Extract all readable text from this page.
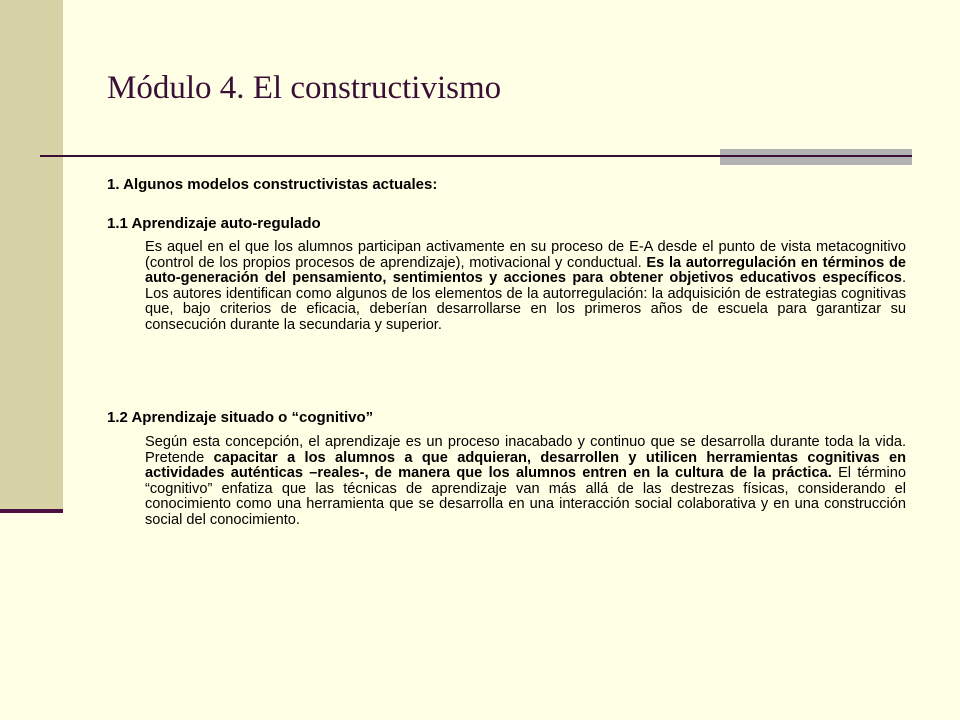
Módulo 4. El constructivismo

1. Algunos modelos constructivistas actuales:

1.1 Aprendizaje auto-regulado

Es aquel en el que los alumnos participan activamente en su proceso de E-A desde el punto de vista metacognitivo (control de los propios procesos de aprendizaje), motivacional y conductual. Es la autorregulación en términos de auto-generación del pensamiento, sentimientos y acciones para obtener objetivos educativos específicos. Los autores identifican como algunos de los elementos de la autorregulación: la adquisición de estrategias cognitivas que, bajo criterios de eficacia, deberían desarrollarse en los primeros años de escuela para garantizar su consecución durante la secundaria y superior.

1.2 Aprendizaje situado o “cognitivo”

Según esta concepción, el aprendizaje es un proceso inacabado y continuo que se desarrolla durante toda la vida. Pretende capacitar a los alumnos a que adquieran, desarrollen y utilicen herramientas cognitivas en actividades auténticas –reales-, de manera que los alumnos entren en la cultura de la práctica. El término “cognitivo” enfatiza que las técnicas de aprendizaje van más allá de las destrezas físicas, considerando el conocimiento como una herramienta que se desarrolla en una interacción social colaborativa y en una construcción social del conocimiento.
